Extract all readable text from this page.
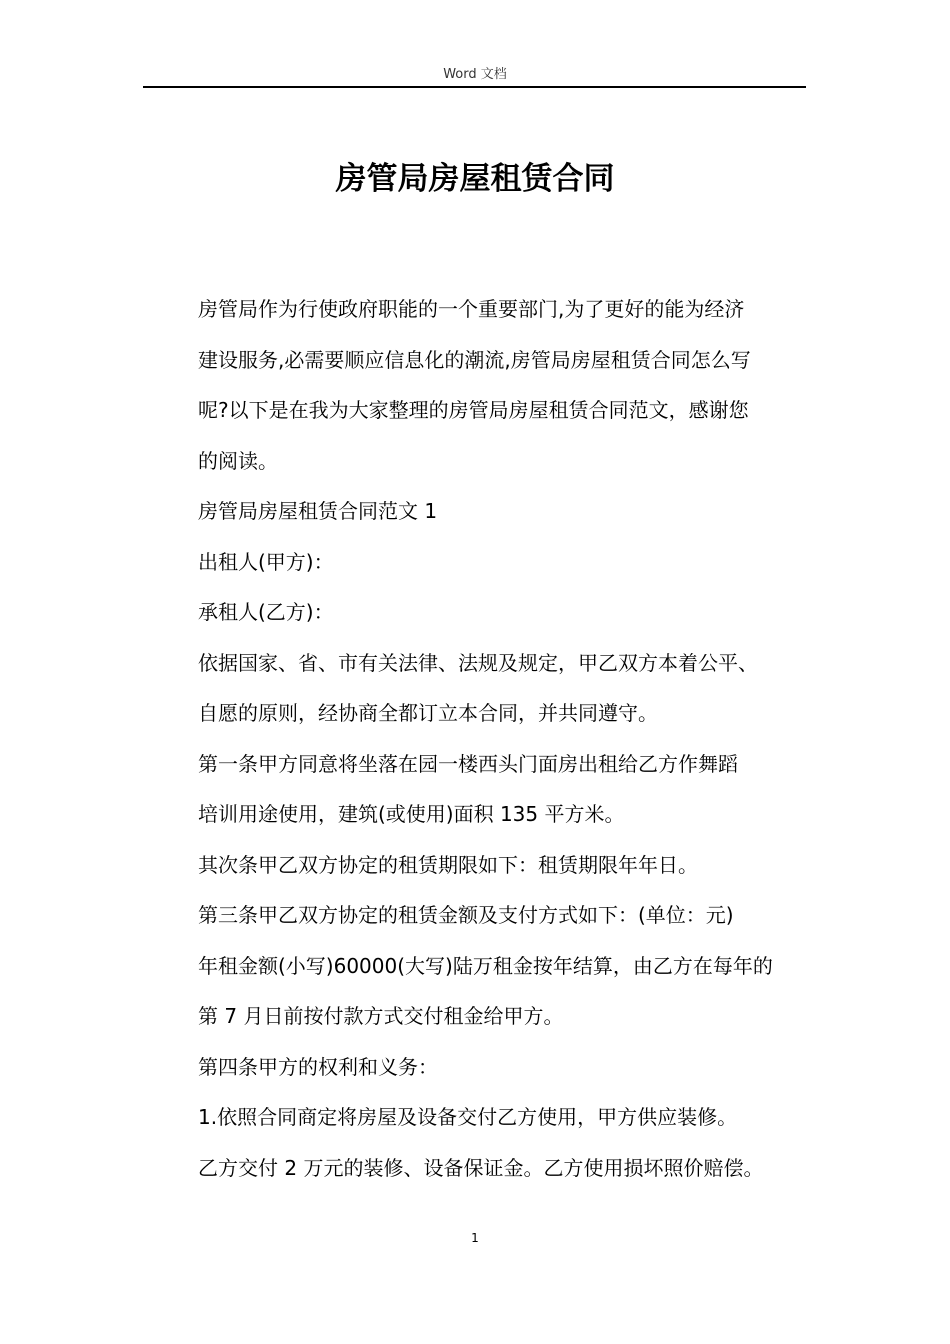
Word 文档
房管局房屋租赁合同

房管局作为行使政府职能的一个重要部门,为了更好的能为经济
建设服务,必需要顺应信息化的潮流,房管局房屋租赁合同怎么写
呢?以下是在我为大家整理的房管局房屋租赁合同范文，感谢您
的阅读。

房管局房屋租赁合同范文 1

出租人(甲方)：

承租人(乙方)：

依据国家、省、市有关法律、法规及规定，甲乙双方本着公平、
自愿的原则，经协商全都订立本合同，并共同遵守。

第一条甲方同意将坐落在园一楼西头门面房出租给乙方作舞蹈
培训用途使用，建筑(或使用)面积 135 平方米。

其次条甲乙双方协定的租赁期限如下：租赁期限年年日。

第三条甲乙双方协定的租赁金额及支付方式如下：(单位：元)
年租金额(小写)60000(大写)陆万租金按年结算，由乙方在每年的
第 7 月日前按付款方式交付租金给甲方。

第四条甲方的权利和义务：

1.依照合同商定将房屋及设备交付乙方使用，甲方供应装修。
乙方交付 2 万元的装修、设备保证金。乙方使用损坏照价赔偿。

1
